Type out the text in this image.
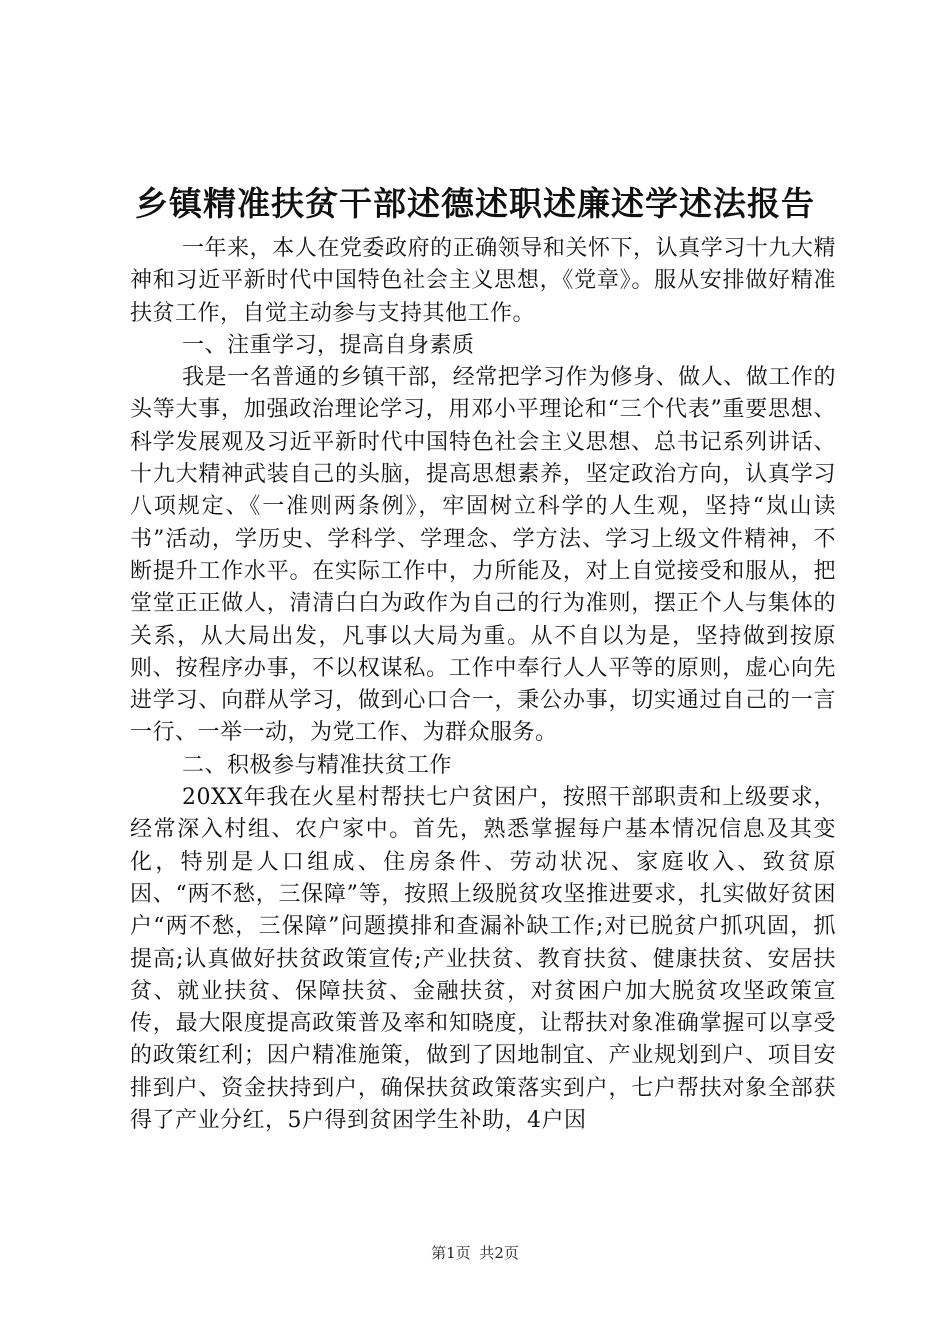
乡镇精准扶贫干部述德述职述廉述学述法报告

一年来，本人在党委政府的正确领导和关怀下，认真学习十九大精神和习近平新时代中国特色社会主义思想，《党章》。服从安排做好精准扶贫工作，自觉主动参与支持其他工作。

一、注重学习，提高自身素质

我是一名普通的乡镇干部，经常把学习作为修身、做人、做工作的头等大事，加强政治理论学习，用邓小平理论和“三个代表”重要思想、科学发展观及习近平新时代中国特色社会主义思想、总书记系列讲话、十九大精神武装自己的头脑，提高思想素养，坚定政治方向，认真学习八项规定、《一准则两条例》，牢固树立科学的人生观，坚持“岚山读书”活动，学历史、学科学、学理念、学方法、学习上级文件精神，不断提升工作水平。在实际工作中，力所能及，对上自觉接受和服从，把堂堂正正做人，清清白白为政作为自己的行为准则，摆正个人与集体的关系，从大局出发，凡事以大局为重。从不自以为是，坚持做到按原则、按程序办事，不以权谋私。工作中奉行人人平等的原则，虚心向先进学习、向群从学习，做到心口合一，秉公办事，切实通过自己的一言一行、一举一动，为党工作、为群众服务。

二、积极参与精准扶贫工作

20XX年我在火星村帮扶七户贫困户，按照干部职责和上级要求，经常深入村组、农户家中。首先，熟悉掌握每户基本情况信息及其变化，特别是人口组成、住房条件、劳动状况、家庭收入、致贫原因、“两不愁，三保障”等，按照上级脱贫攻坚推进要求，扎实做好贫困户“两不愁，三保障”问题摸排和查漏补缺工作;对已脱贫户抓巩固，抓提高;认真做好扶贫政策宣传;产业扶贫、教育扶贫、健康扶贫、安居扶贫、就业扶贫、保障扶贫、金融扶贫，对贫困户加大脱贫攻坚政策宣传，最大限度提高政策普及率和知晓度，让帮扶对象准确掌握可以享受的政策红利；因户精准施策，做到了因地制宜、产业规划到户、项目安排到户、资金扶持到户，确保扶贫政策落实到户，七户帮扶对象全部获得了产业分红，5户得到贫困学生补助，4户因

第1页 共2页
